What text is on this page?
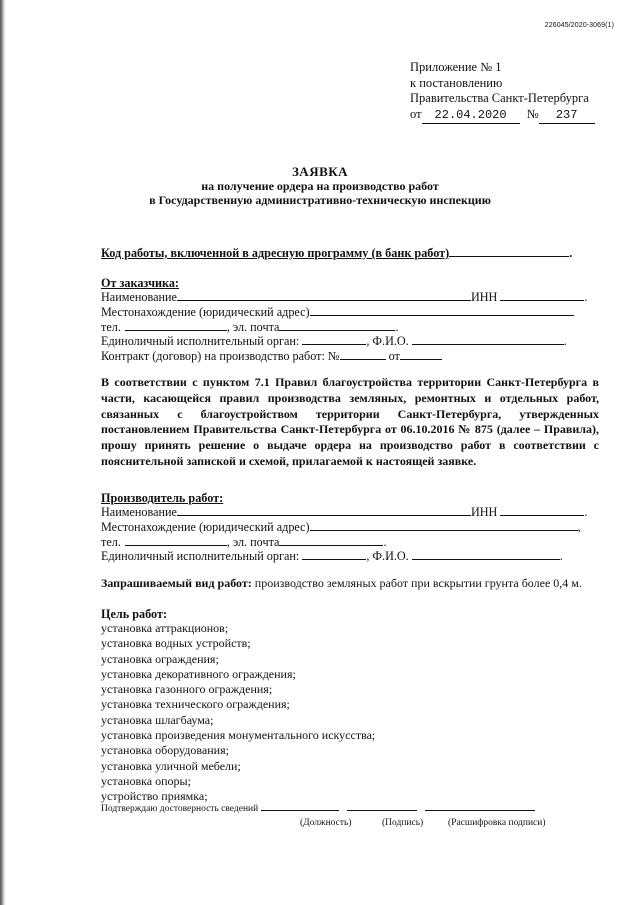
226045/2020-3069(1)
Приложение № 1
к постановлению
Правительства Санкт-Петербурга
от 22.04.2020 № 237
ЗАЯВКА
на получение ордера на производство работ
в Государственную административно-техническую инспекцию
Код работы, включенной в адресную программу (в банк работ)	.
От заказчика:
Наименование	ИНН	.
Местонахождение (юридический адрес)
тел.	, эл. почта	.
Единоличный исполнительный орган:	, Ф.И.О.	.
Контракт (договор) на производство работ: №	от
В соответствии с пунктом 7.1 Правил благоустройства территории Санкт-Петербурга в части, касающейся правил производства земляных, ремонтных и отдельных работ, связанных с благоустройством территории Санкт-Петербурга, утвержденных постановлением Правительства Санкт-Петербурга от 06.10.2016 № 875 (далее – Правила), прошу принять решение о выдаче ордера на производство работ в соответствии с пояснительной запиской и схемой, прилагаемой к настоящей заявке.
Производитель работ:
Наименование	ИНН	.
Местонахождение (юридический адрес)	,
тел.	, эл. почта	.
Единоличный исполнительный орган:	, Ф.И.О.	.
Запрашиваемый вид работ: производство земляных работ при вскрытии грунта более 0,4 м.
Цель работ:
установка аттракционов;
установка водных устройств;
установка ограждения;
установка декоративного ограждения;
установка газонного ограждения;
установка технического ограждения;
установка шлагбаума;
установка произведения монументального искусства;
установка оборудования;
установка уличной мебели;
установка опоры;
устройство приямка;
Подтверждаю достоверность сведений
(Должность)	(Подпись)	(Расшифровка подписи)
